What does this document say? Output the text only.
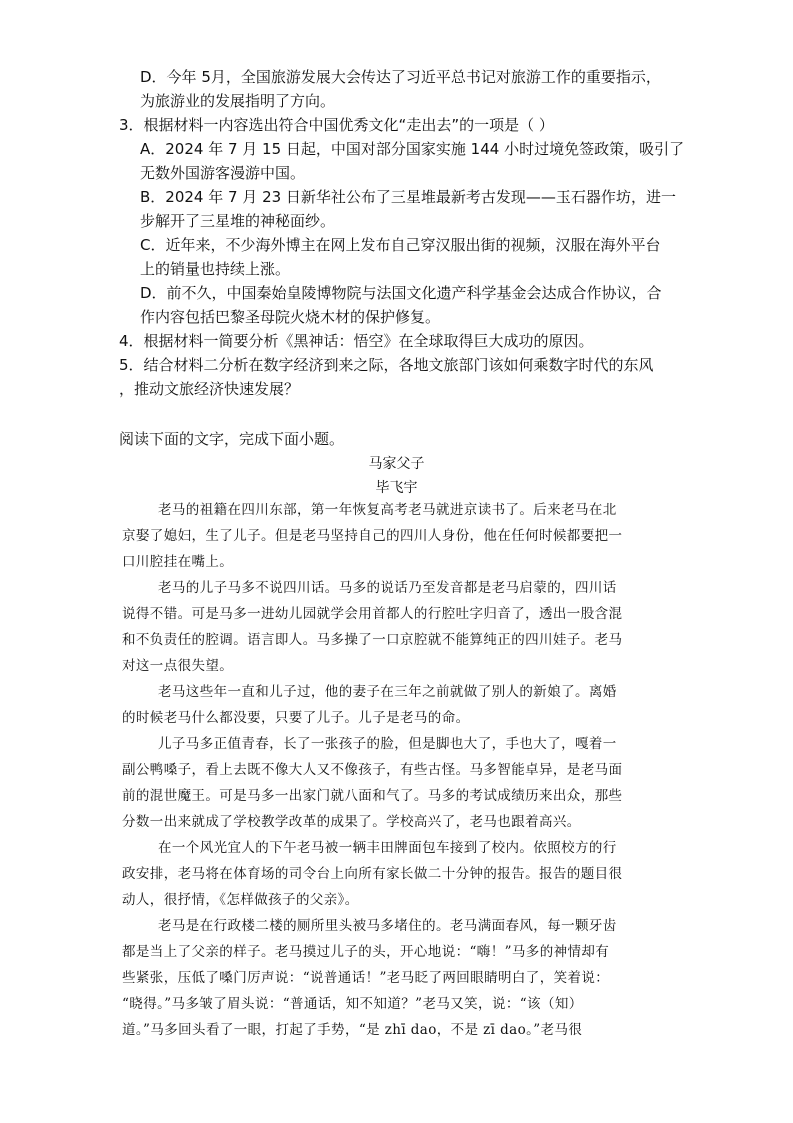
D．今年 5月，全国旅游发展大会传达了习近平总书记对旅游工作的重要指示，
为旅游业的发展指明了方向。
3．根据材料一内容选出符合中国优秀文化“走出去”的一项是（ ）
A．2024 年 7 月 15 日起，中国对部分国家实施 144 小时过境免签政策，吸引了
无数外国游客漫游中国。
B．2024 年 7 月 23 日新华社公布了三星堆最新考古发现——玉石器作坊，进一
步解开了三星堆的神秘面纱。
C．近年来，不少海外博主在网上发布自己穿汉服出街的视频，汉服在海外平台
上的销量也持续上涨。
D．前不久，中国秦始皇陵博物院与法国文化遗产科学基金会达成合作协议，合
作内容包括巴黎圣母院火烧木材的保护修复。
4．根据材料一简要分析《黑神话：悟空》在全球取得巨大成功的原因。
5．结合材料二分析在数字经济到来之际，各地文旅部门该如何乘数字时代的东风
，推动文旅经济快速发展？
阅读下面的文字，完成下面小题。
马家父子
毕飞宇
老马的祖籍在四川东部，第一年恢复高考老马就进京读书了。后来老马在北
京娶了媳妇，生了儿子。但是老马坚持自己的四川人身份，他在任何时候都要把一
口川腔挂在嘴上。
老马的儿子马多不说四川话。马多的说话乃至发音都是老马启蒙的，四川话
说得不错。可是马多一进幼儿园就学会用首都人的行腔吐字归音了，透出一股含混
和不负责任的腔调。语言即人。马多操了一口京腔就不能算纯正的四川娃子。老马
对这一点很失望。
老马这些年一直和儿子过，他的妻子在三年之前就做了别人的新娘了。离婚
的时候老马什么都没要，只要了儿子。儿子是老马的命。
儿子马多正值青春，长了一张孩子的脸，但是脚也大了，手也大了，嘎着一
副公鸭嗓子，看上去既不像大人又不像孩子，有些古怪。马多智能卓异，是老马面
前的混世魔王。可是马多一出家门就八面和气了。马多的考试成绩历来出众，那些
分数一出来就成了学校教学改革的成果了。学校高兴了，老马也跟着高兴。
在一个风光宜人的下午老马被一辆丰田牌面包车接到了校内。依照校方的行
政安排，老马将在体育场的司令台上向所有家长做二十分钟的报告。报告的题目很
动人，很抒情，《怎样做孩子的父亲》。
老马是在行政楼二楼的厕所里头被马多堵住的。老马满面春风，每一颗牙齿
都是当上了父亲的样子。老马摸过儿子的头，开心地说：“嗨！”马多的神情却有
些紧张，压低了嗓门厉声说：“说普通话！”老马眨了两回眼睛明白了，笑着说：
“晓得。”马多皱了眉头说：“普通话，知不知道？”老马又笑，说：“该（知）
道。”马多回头看了一眼，打起了手势，“是 zhī dao，不是 zī dao。”老马很
